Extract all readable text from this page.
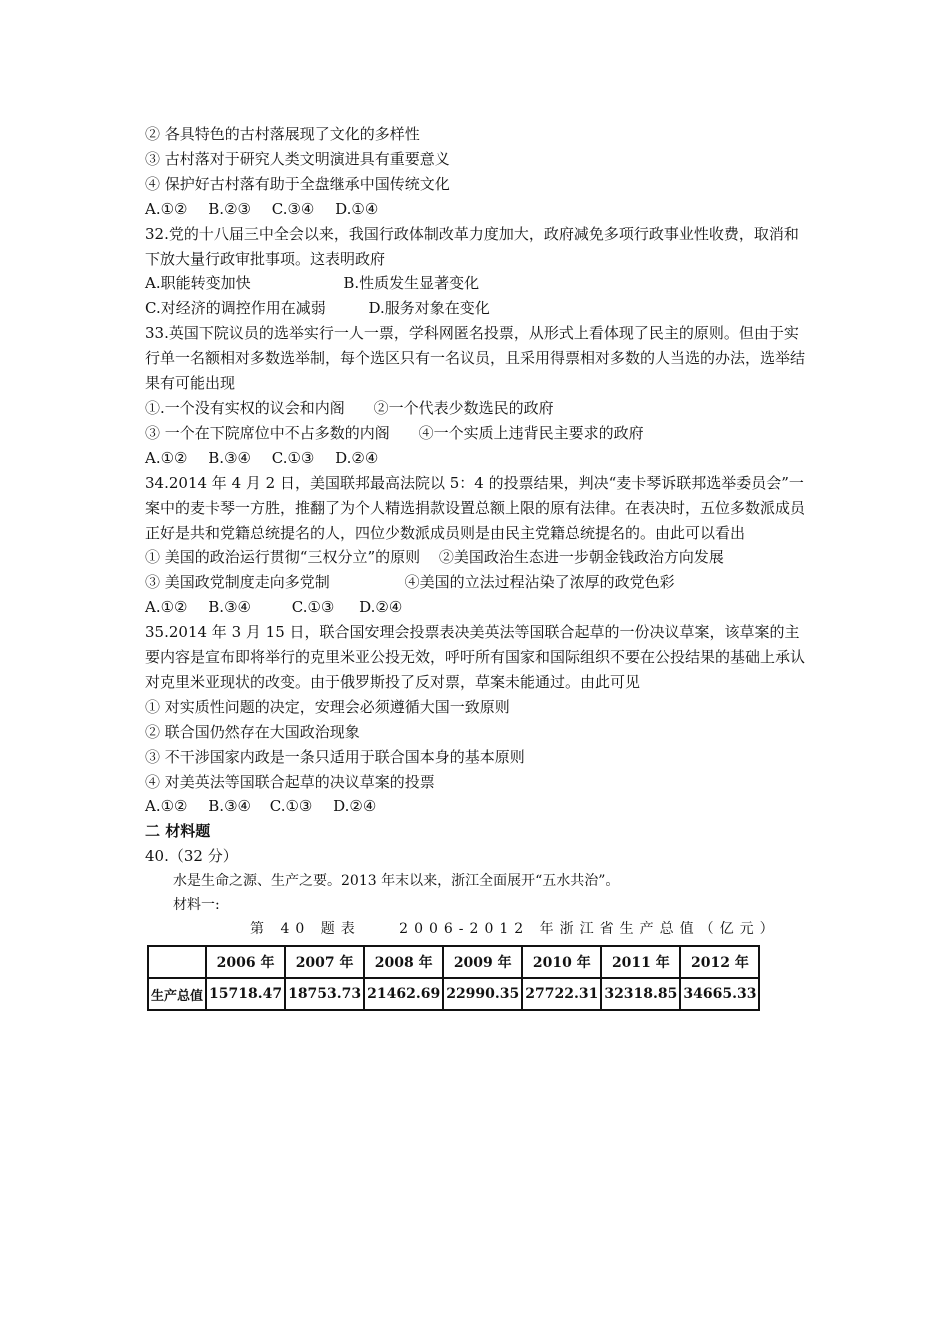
② 各具特色的古村落展现了文化的多样性
③ 古村落对于研究人类文明演进具有重要意义
④ 保护好古村落有助于全盘继承中国传统文化
A.①② B.②③ C.③④ D.①④
32.党的十八届三中全会以来，我国行政体制改革力度加大，政府减免多项行政事业性收费，取消和下放大量行政审批事项。这表明政府
A.职能转变加快	B.性质发生显著变化
C.对经济的调控作用在减弱	D.服务对象在变化
33.英国下院议员的选举实行一人一票，学科网匿名投票，从形式上看体现了民主的原则。但由于实行单一名额相对多数选举制，每个选区只有一名议员，且采用得票相对多数的人当选的办法，选举结果有可能出现
①.一个没有实权的议会和内阁 ②一个代表少数选民的政府
③ 一个在下院席位中不占多数的内阁 ④一个实质上违背民主要求的政府
A.①② B.③④ C.①③ D.②④
34.2014 年 4 月 2 日，美国联邦最高法院以 5：4 的投票结果，判决“麦卡琴诉联邦选举委员会”一案中的麦卡琴一方胜，推翻了为个人精选捐款设置总额上限的原有法律。在表决时，五位多数派成员正好是共和党籍总统提名的人，四位少数派成员则是由民主党籍总统提名的。由此可以看出
① 美国的政治运行贯彻“三权分立”的原则 ②美国政治生态进一步朝金钱政治方向发展
③ 美国政党制度走向多党制	④美国的立法过程沾染了浓厚的政党色彩
A.①② B.③④	C.①③ D.②④
35.2014 年 3 月 15 日，联合国安理会投票表决美英法等国联合起草的一份决议草案，该草案的主要内容是宣布即将举行的克里米亚公投无效，呼吁所有国家和国际组织不要在公投结果的基础上承认对克里米亚现状的改变。由于俄罗斯投了反对票，草案未能通过。由此可见
① 对实质性问题的决定，安理会必须遵循大国一致原则
② 联合国仍然存在大国政治现象
③ 不干涉国家内政是一条只适用于联合国本身的基本原则
④ 对美英法等国联合起草的决议草案的投票
A.①② B.③④ C.①③ D.②④
二 材料题
40.（32 分）
水是生命之源、生产之要。2013 年末以来，浙江全面展开“五水共治”。
材料一:
第 40 题表	2006-2012 年浙江省生产总值（亿元）
	2006 年	2007 年	2008 年	2009 年	2010 年	2011 年	2012 年
生产总值	15718.47	18753.73	21462.69	22990.35	27722.31	32318.85	34665.33
